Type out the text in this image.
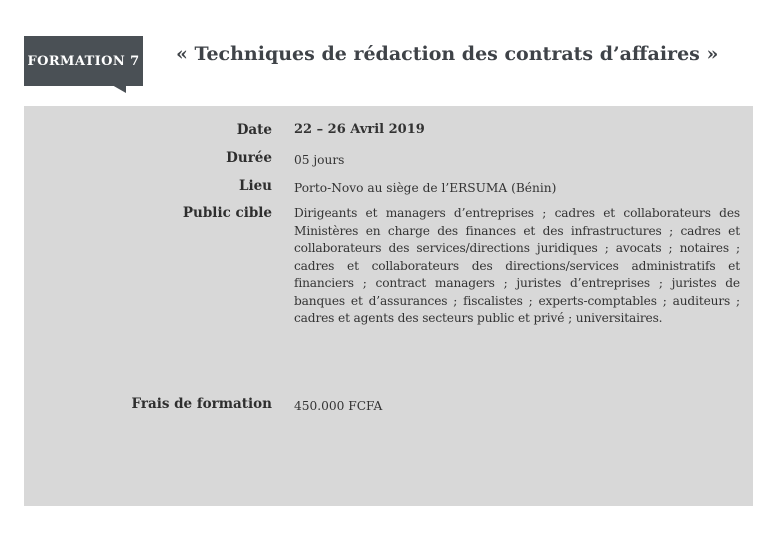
FORMATION 7 « Techniques de rédaction des contrats d’affaires »
Date 22 – 26 Avril 2019
Durée 05 jours
Lieu Porto-Novo au siège de l’ERSUMA (Bénin)
Public cible Dirigeants et managers d’entreprises ; cadres et collaborateurs des Ministères en charge des finances et des infrastructures ; cadres et collaborateurs des services/directions juridiques ; avocats ; notaires ; cadres et collaborateurs des directions/services administratifs et financiers ; contract managers ; juristes d’entreprises ; juristes de banques et d’assurances ; fiscalistes ; experts-comptables ; auditeurs ; cadres et agents des secteurs public et privé ; universitaires.
Frais de formation 450.000 FCFA
